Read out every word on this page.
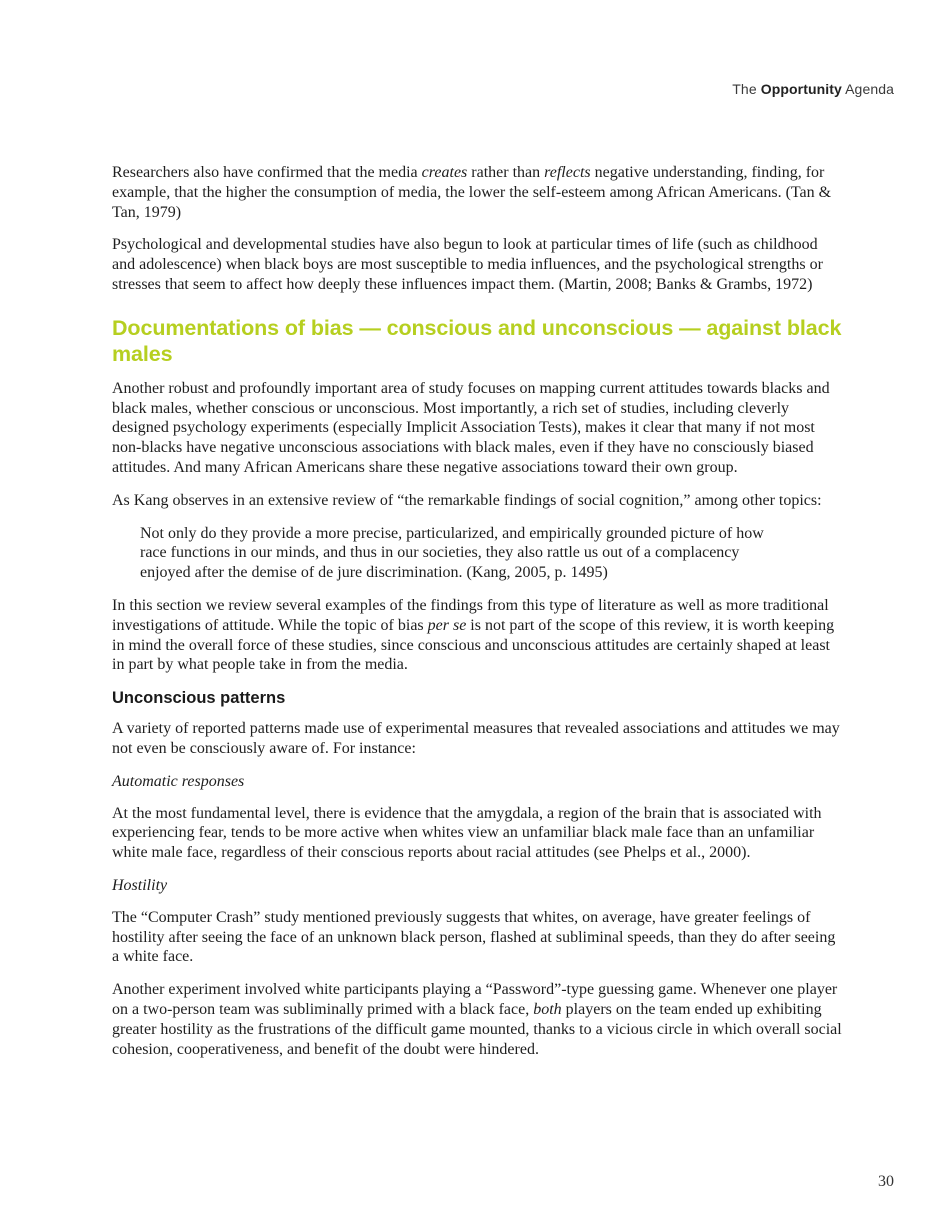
The Opportunity Agenda

Researchers also have confirmed that the media creates rather than reflects negative understanding, finding, for example, that the higher the consumption of media, the lower the self-esteem among African Americans. (Tan & Tan, 1979)

Psychological and developmental studies have also begun to look at particular times of life (such as childhood and adolescence) when black boys are most susceptible to media influences, and the psychological strengths or stresses that seem to affect how deeply these influences impact them. (Martin, 2008; Banks & Grambs, 1972)

Documentations of bias — conscious and unconscious — against black males

Another robust and profoundly important area of study focuses on mapping current attitudes towards blacks and black males, whether conscious or unconscious. Most importantly, a rich set of studies, including cleverly designed psychology experiments (especially Implicit Association Tests), makes it clear that many if not most non-blacks have negative unconscious associations with black males, even if they have no consciously biased attitudes. And many African Americans share these negative associations toward their own group.

As Kang observes in an extensive review of “the remarkable findings of social cognition,” among other topics:

Not only do they provide a more precise, particularized, and empirically grounded picture of how race functions in our minds, and thus in our societies, they also rattle us out of a complacency enjoyed after the demise of de jure discrimination. (Kang, 2005, p. 1495)

In this section we review several examples of the findings from this type of literature as well as more traditional investigations of attitude. While the topic of bias per se is not part of the scope of this review, it is worth keeping in mind the overall force of these studies, since conscious and unconscious attitudes are certainly shaped at least in part by what people take in from the media.

Unconscious patterns

A variety of reported patterns made use of experimental measures that revealed associations and attitudes we may not even be consciously aware of. For instance:

Automatic responses

At the most fundamental level, there is evidence that the amygdala, a region of the brain that is associated with experiencing fear, tends to be more active when whites view an unfamiliar black male face than an unfamiliar white male face, regardless of their conscious reports about racial attitudes (see Phelps et al., 2000).

Hostility

The “Computer Crash” study mentioned previously suggests that whites, on average, have greater feelings of hostility after seeing the face of an unknown black person, flashed at subliminal speeds, than they do after seeing a white face.

Another experiment involved white participants playing a “Password”-type guessing game. Whenever one player on a two-person team was subliminally primed with a black face, both players on the team ended up exhibiting greater hostility as the frustrations of the difficult game mounted, thanks to a vicious circle in which overall social cohesion, cooperativeness, and benefit of the doubt were hindered.

30
